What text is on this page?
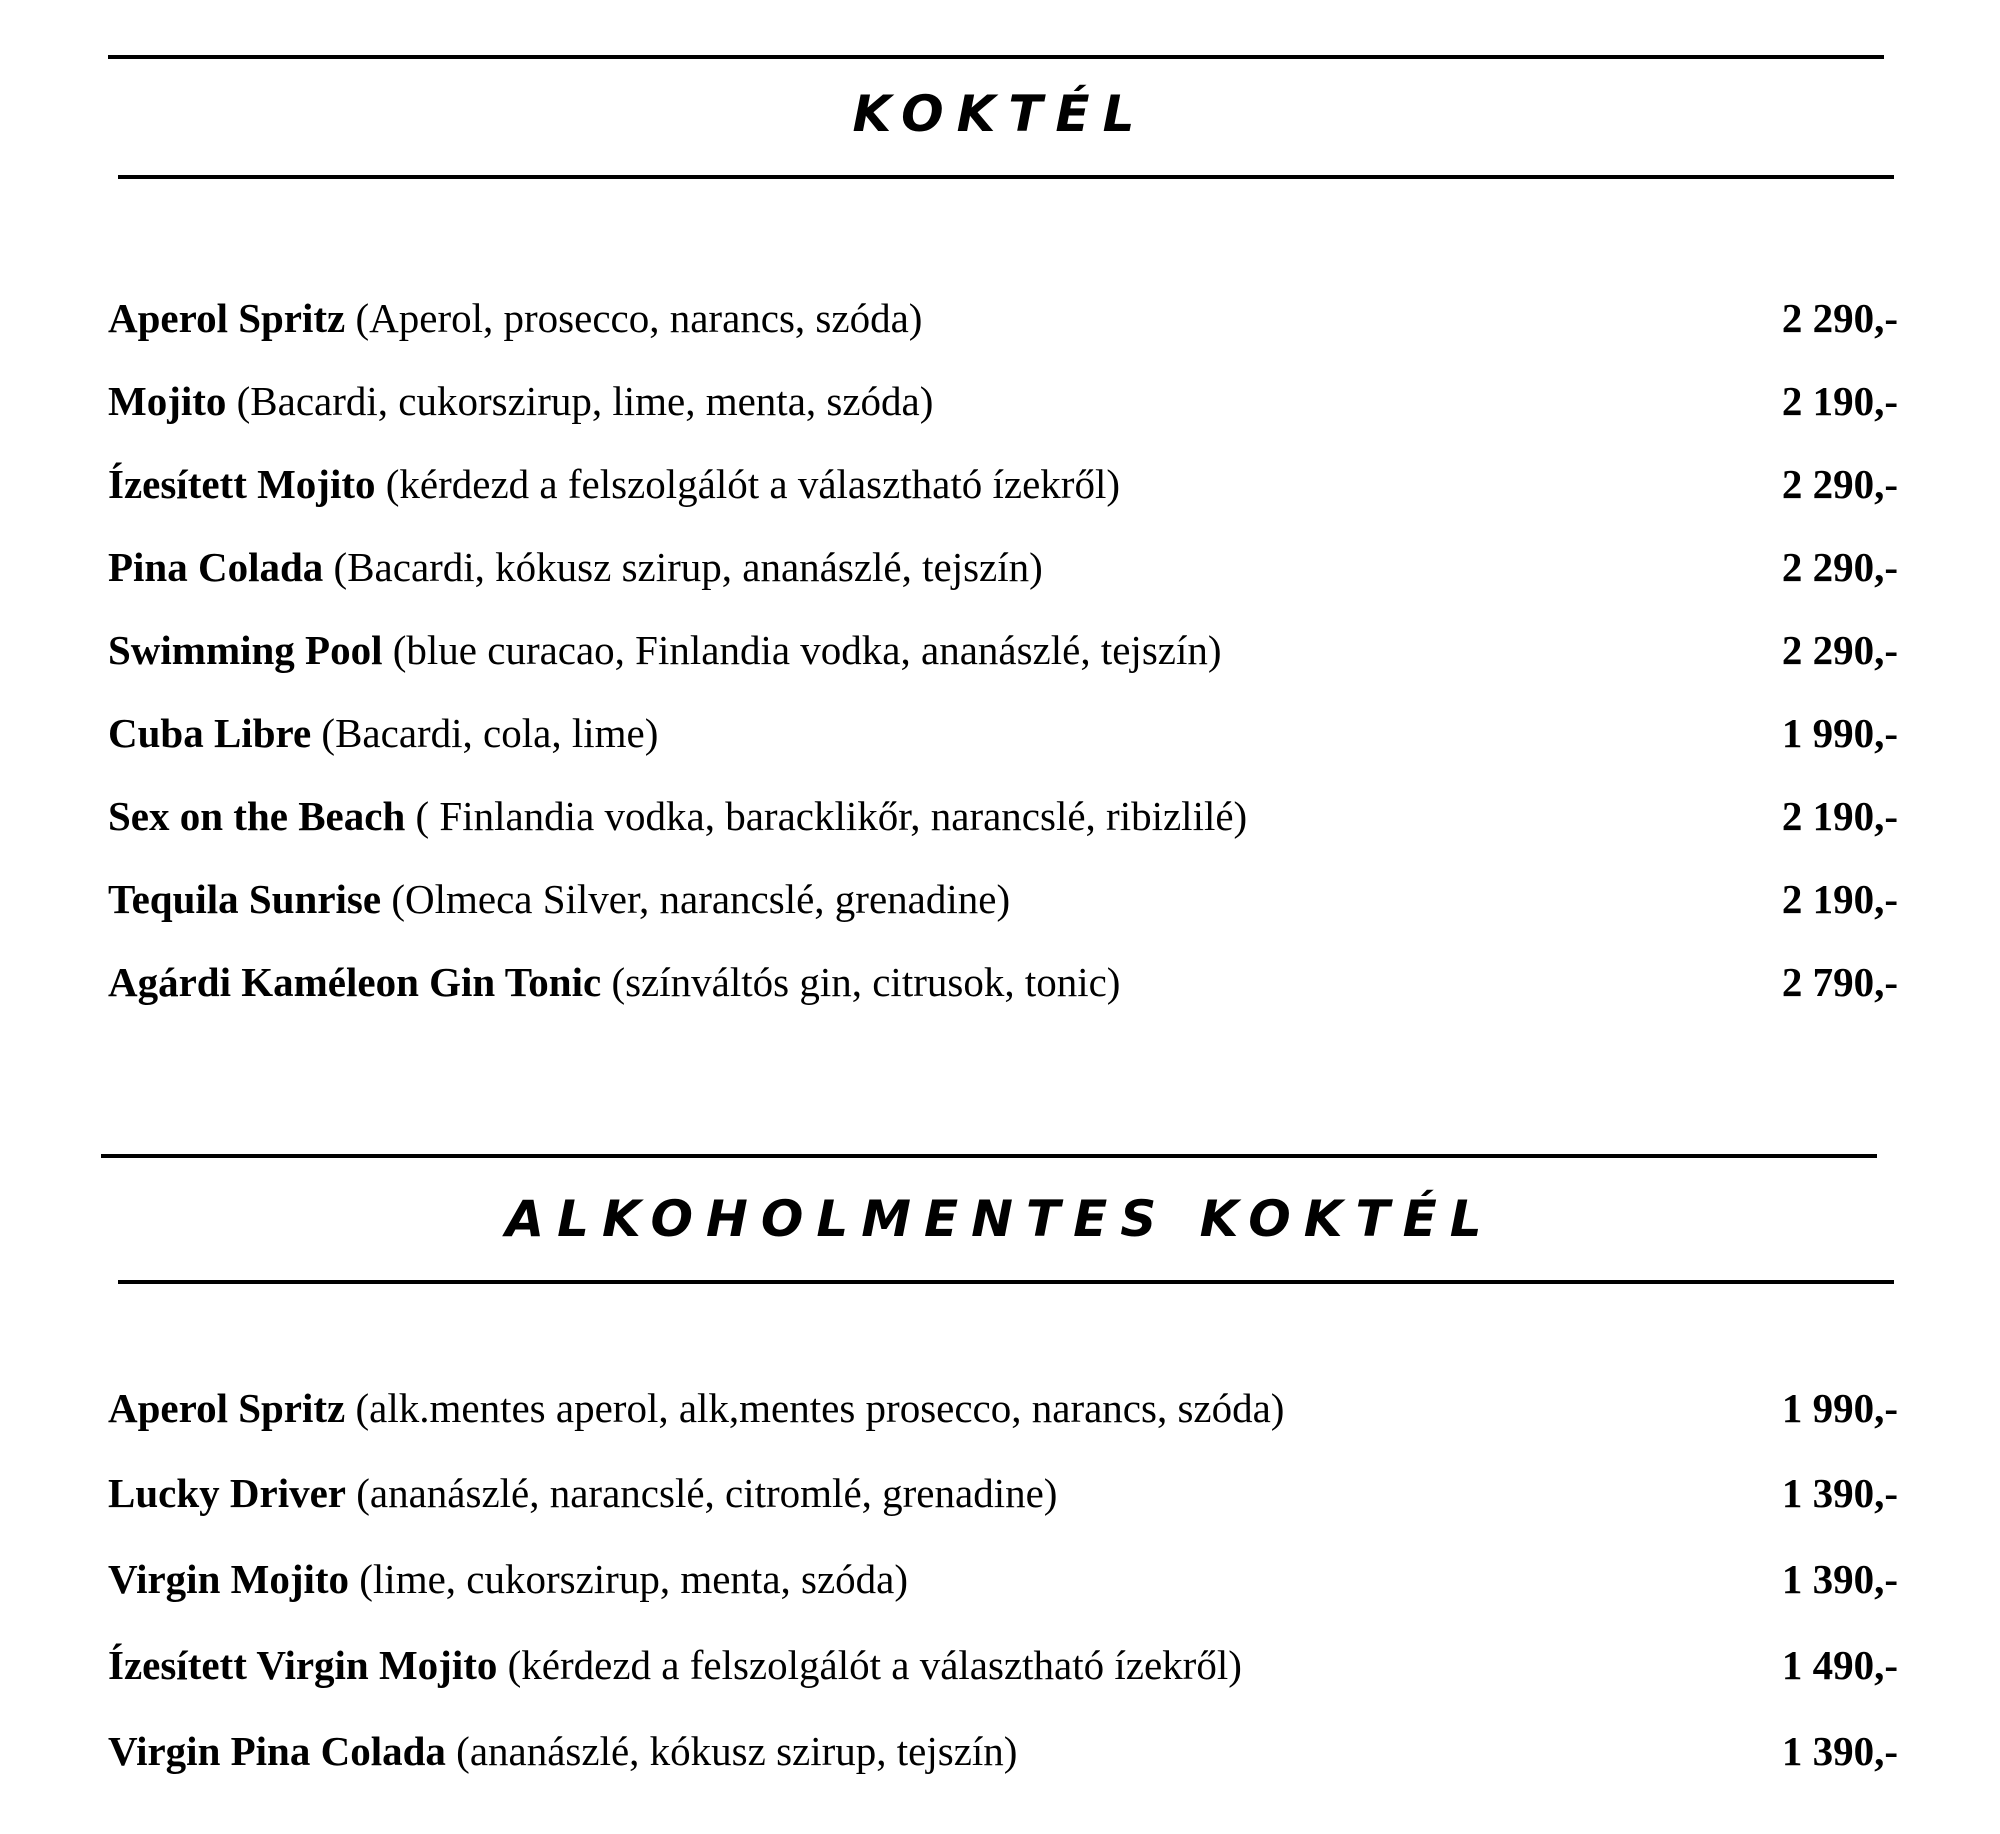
KOKTÉL
Aperol Spritz (Aperol, prosecco, narancs, szóda)	2 290,-
Mojito (Bacardi, cukorszirup, lime, menta, szóda)	2 190,-
Ízesített Mojito (kérdezd a felszolgálót a választható ízekről)	2 290,-
Pina Colada (Bacardi, kókusz szirup, ananászlé, tejszín)	2 290,-
Swimming Pool (blue curacao, Finlandia vodka, ananászlé, tejszín)	2 290,-
Cuba Libre (Bacardi, cola, lime)	1 990,-
Sex on the Beach ( Finlandia vodka, baracklikőr, narancslé, ribizlilé)	2 190,-
Tequila Sunrise (Olmeca Silver, narancslé, grenadine)	2 190,-
Agárdi Kaméleon Gin Tonic (színváltós gin, citrusok, tonic)	2 790,-
ALKOHOLMENTES KOKTÉL
Aperol Spritz (alk.mentes aperol, alk,mentes prosecco, narancs, szóda)	1 990,-
Lucky Driver (ananászlé, narancslé, citromlé, grenadine)	1 390,-
Virgin Mojito (lime, cukorszirup, menta, szóda)	1 390,-
Ízesített Virgin Mojito (kérdezd a felszolgálót a választható ízekről)	1 490,-
Virgin Pina Colada (ananászlé, kókusz szirup, tejszín)	1 390,-
